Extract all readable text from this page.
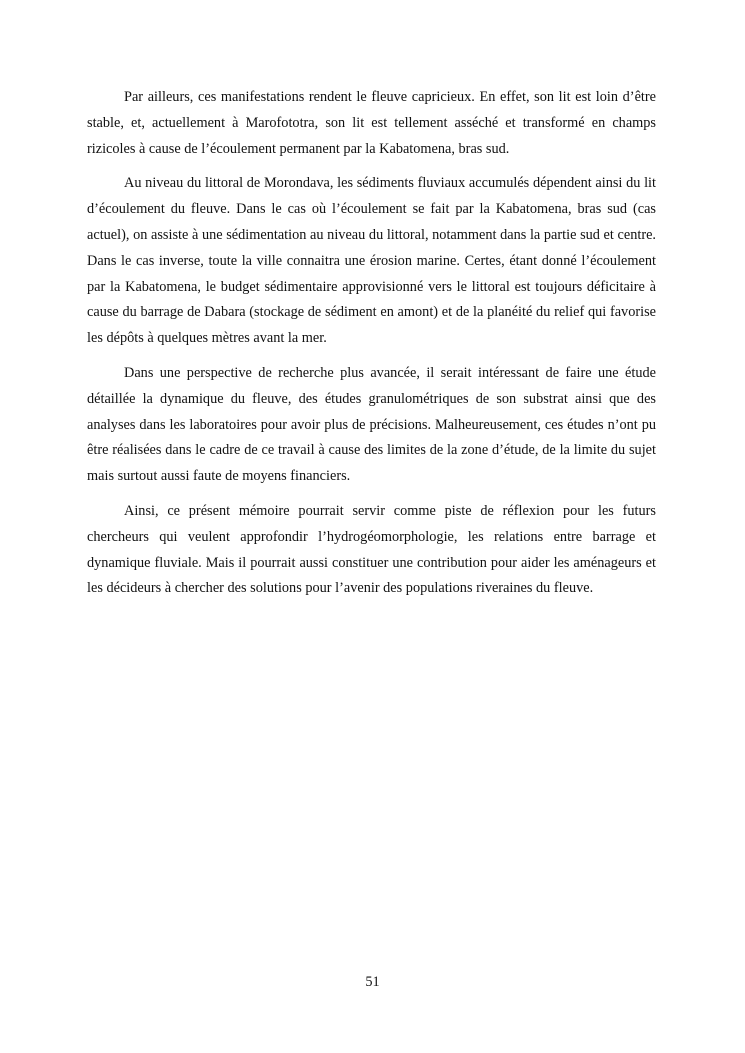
Par ailleurs, ces manifestations rendent le fleuve capricieux. En effet, son lit est loin d’être stable, et, actuellement à Marofototra, son lit est tellement asséché et transformé en champs rizicoles à cause de l’écoulement permanent par la Kabatomena, bras sud.

Au niveau du littoral de Morondava, les sédiments fluviaux accumulés dépendent ainsi du lit d’écoulement du fleuve. Dans le cas où l’écoulement se fait par la Kabatomena, bras sud (cas actuel), on assiste à une sédimentation au niveau du littoral, notamment dans la partie sud et centre. Dans le cas inverse, toute la ville connaitra une érosion marine. Certes, étant donné l’écoulement par la Kabatomena, le budget sédimentaire approvisionné vers le littoral est toujours déficitaire à cause du barrage de Dabara (stockage de sédiment en amont) et de la planéité du relief qui favorise les dépôts à quelques mètres avant la mer.

Dans une perspective de recherche plus avancée, il serait intéressant de faire une étude détaillée la dynamique du fleuve, des études granulométriques de son substrat ainsi que des analyses dans les laboratoires pour avoir plus de précisions. Malheureusement, ces études n’ont pu être réalisées dans le cadre de ce travail à cause des limites de la zone d’étude, de la limite du sujet mais surtout aussi faute de moyens financiers.

Ainsi, ce présent mémoire pourrait servir comme piste de réflexion pour les futurs chercheurs qui veulent approfondir l’hydrogéomorphologie, les relations entre barrage et dynamique fluviale. Mais il pourrait aussi constituer une contribution pour aider les aménageurs et les décideurs à chercher des solutions pour l’avenir des populations riveraines du fleuve.

51
